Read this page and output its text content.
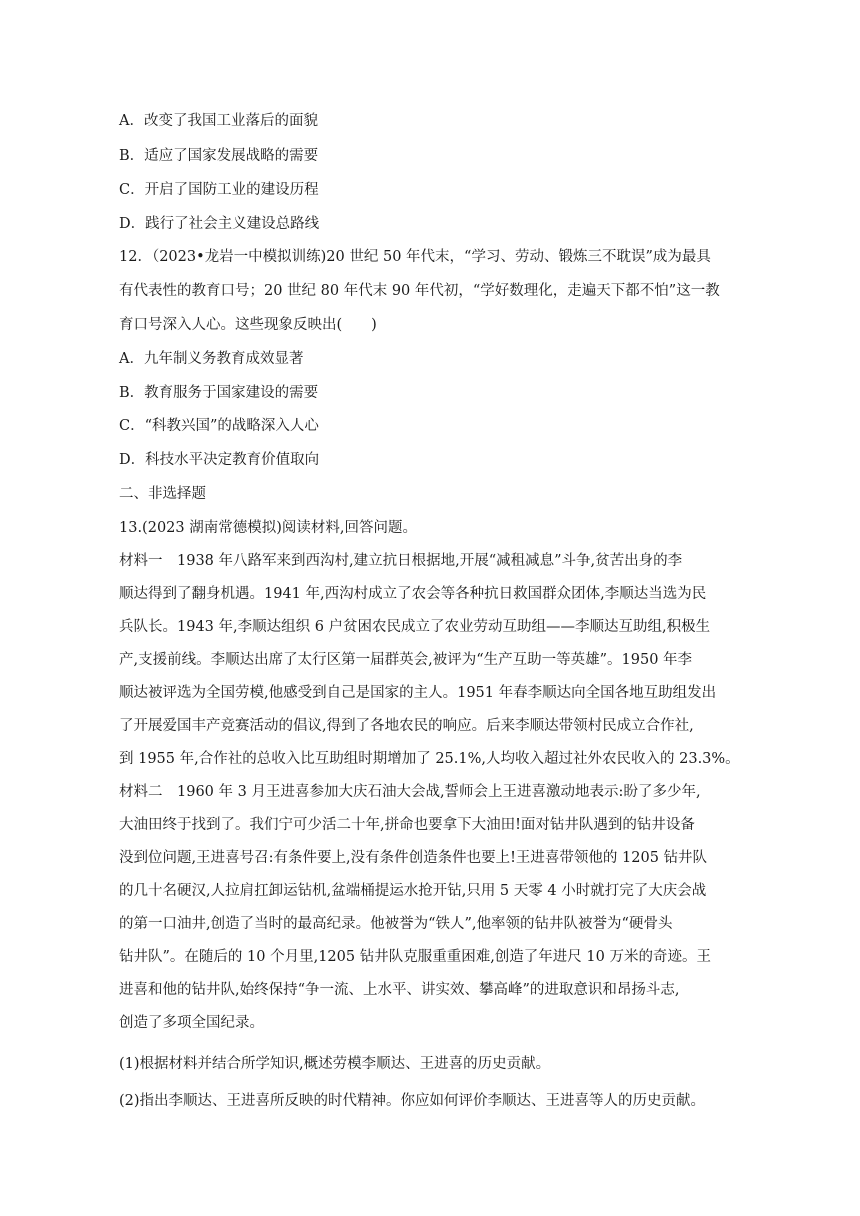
A．改变了我国工业落后的面貌
B．适应了国家发展战略的需要
C．开启了国防工业的建设历程
D．践行了社会主义建设总路线
12．（2023•龙岩一中模拟训练)20 世纪 50 年代末，“学习、劳动、锻炼三不耽误”成为最具
有代表性的教育口号；20 世纪 80 年代末 90 年代初，“学好数理化，走遍天下都不怕”这一教
育口号深入人心。这些现象反映出(　　)
A．九年制义务教育成效显著
B．教育服务于国家建设的需要
C．“科教兴国”的战略深入人心
D．科技水平决定教育价值取向
二、非选择题
13.(2023 湖南常德模拟)阅读材料,回答问题。
材料一　1938 年八路军来到西沟村,建立抗日根据地,开展“减租减息”斗争,贫苦出身的李
顺达得到了翻身机遇。1941 年,西沟村成立了农会等各种抗日救国群众团体,李顺达当选为民
兵队长。1943 年,李顺达组织 6 户贫困农民成立了农业劳动互助组——李顺达互助组,积极生
产,支援前线。李顺达出席了太行区第一届群英会,被评为“生产互助一等英雄”。1950 年李
顺达被评选为全国劳模,他感受到自己是国家的主人。1951 年春李顺达向全国各地互助组发出
了开展爱国丰产竞赛活动的倡议,得到了各地农民的响应。后来李顺达带领村民成立合作社,
到 1955 年,合作社的总收入比互助组时期增加了 25.1%,人均收入超过社外农民收入的 23.3%。
材料二　1960 年 3 月王进喜参加大庆石油大会战,誓师会上王进喜激动地表示:盼了多少年,
大油田终于找到了。我们宁可少活二十年,拼命也要拿下大油田!面对钻井队遇到的钻井设备
没到位问题,王进喜号召:有条件要上,没有条件创造条件也要上!王进喜带领他的 1205 钻井队
的几十名硬汉,人拉肩扛卸运钻机,盆端桶提运水抢开钻,只用 5 天零 4 小时就打完了大庆会战
的第一口油井,创造了当时的最高纪录。他被誉为“铁人”,他率领的钻井队被誉为“硬骨头
钻井队”。在随后的 10 个月里,1205 钻井队克服重重困难,创造了年进尺 10 万米的奇迹。王
进喜和他的钻井队,始终保持“争一流、上水平、讲实效、攀高峰”的进取意识和昂扬斗志,
创造了多项全国纪录。
(1)根据材料并结合所学知识,概述劳模李顺达、王进喜的历史贡献。
(2)指出李顺达、王进喜所反映的时代精神。你应如何评价李顺达、王进喜等人的历史贡献。
